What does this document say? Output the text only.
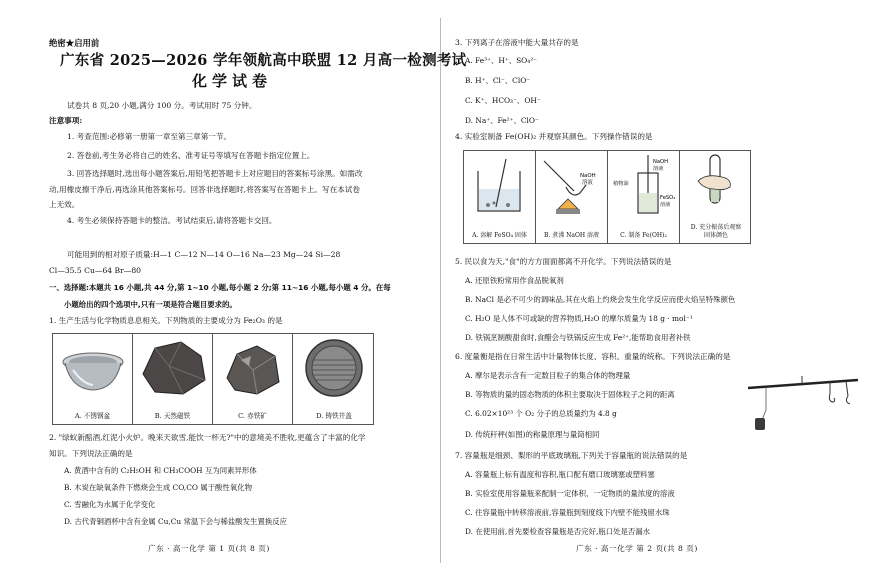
绝密★启用前
广东省 2025—2026 学年领航高中联盟 12 月高一检测考试
化学试卷
试卷共 8 页,20 小题,满分 100 分。考试用时 75 分钟。
注意事项:
1. 考查范围:必修第一册第一章至第三章第一节。
2. 答卷前,考生务必将自己的姓名、准考证号等填写在答题卡指定位置上。
3. 回答选择题时,选出每小题答案后,用铅笔把答题卡上对应题目的答案标号涂黑。如需改
动,用橡皮擦干净后,再选涂其他答案标号。回答非选择题时,将答案写在答题卡上。写在本试卷
上无效。
4. 考生必须保持答题卡的整洁。考试结束后,请将答题卡交回。
可能用到的相对原子质量:H—1 C—12 N—14 O—16 Na—23 Mg—24 Si—28
Cl—35.5 Cu—64 Br—80
一、选择题:本题共 16 小题,共 44 分,第 1~10 小题,每小题 2 分;第 11~16 小题,每小题 4 分。在每
小题给出的四个选项中,只有一项是符合题目要求的。
1. 生产生活与化学物质息息相关。下列物质的主要成分为 Fe₂O₃ 的是
A. 不锈钢盆	B. 天然磁铁	C. 赤铁矿	D. 铸铁井盖
2. "绿蚁新醅酒,红泥小火炉。晚来天欲雪,能饮一杯无?"中的意境美不胜收,更蕴含了丰富的化学
知识。下列说法正确的是
A. 黄酒中含有的 C₂H₅OH 和 CH₃COOH 互为同素异形体
B. 木炭在缺氧条件下燃烧会生成 CO,CO 属于酸性氧化物
C. 雪融化为水属于化学变化
D. 古代青铜酒杯中含有金属 Cu,Cu 常温下会与稀盐酸发生置换反应
广东 · 高一化学 第 1 页(共 8 页)
3. 下列离子在溶液中能大量共存的是
A. Fe³⁺、H⁺、SO₄²⁻
B. H⁺、Cl⁻、ClO⁻
C. K⁺、HCO₃⁻、OH⁻
D. Na⁺、Fe²⁺、ClO⁻
4. 实验室制备 Fe(OH)₂ 并观察其颜色。下列操作错误的是
A. 溶解 FeSO₄ 固体
NaOH
溶液
B. 煮沸 NaOH 溶液
NaOH
溶液
植物油
FeSO₄
溶液
C. 制备 Fe(OH)₂
D. 充分振荡后观察
固体颜色
5. 民以食为天,"食"的方方面面都离不开化学。下列说法错误的是
A. 还原铁粉常用作食品脱氧剂
B. NaCl 是必不可少的调味品,其在火焰上灼烧会发生化学反应而使火焰呈特殊颜色
C. H₂O 是人体不可或缺的营养物质,H₂O 的摩尔质量为 18 g · mol⁻¹
D. 铁锅烹制酸甜食时,食醋会与铁锅反应生成 Fe²⁺,能帮助食用者补铁
6. 度量衡是指在日常生活中计量物体长度、容积、重量的统称。下列说法正确的是
A. 摩尔是表示含有一定数目粒子的集合体的物理量
B. 等物质的量的固态物质的体积主要取决于固体粒子之间的距离
C. 6.02×10²³ 个 O₂ 分子的总质量约为 4.8 g
D. 传统秆秤(如图)的称量原理与量筒相同
7. 容量瓶是细颈、梨形的平底玻璃瓶,下列关于容量瓶的说法错误的是
A. 容量瓶上标有温度和容积,瓶口配有磨口玻璃塞或塑料塞
B. 实验室使用容量瓶来配制一定体积、一定物质的量浓度的溶液
C. 往容量瓶中转移溶液前,容量瓶到刻度线下内壁不能残留水珠
D. 在使用前,首先要检查容量瓶是否完好,瓶口处是否漏水
广东 · 高一化学 第 2 页(共 8 页)
